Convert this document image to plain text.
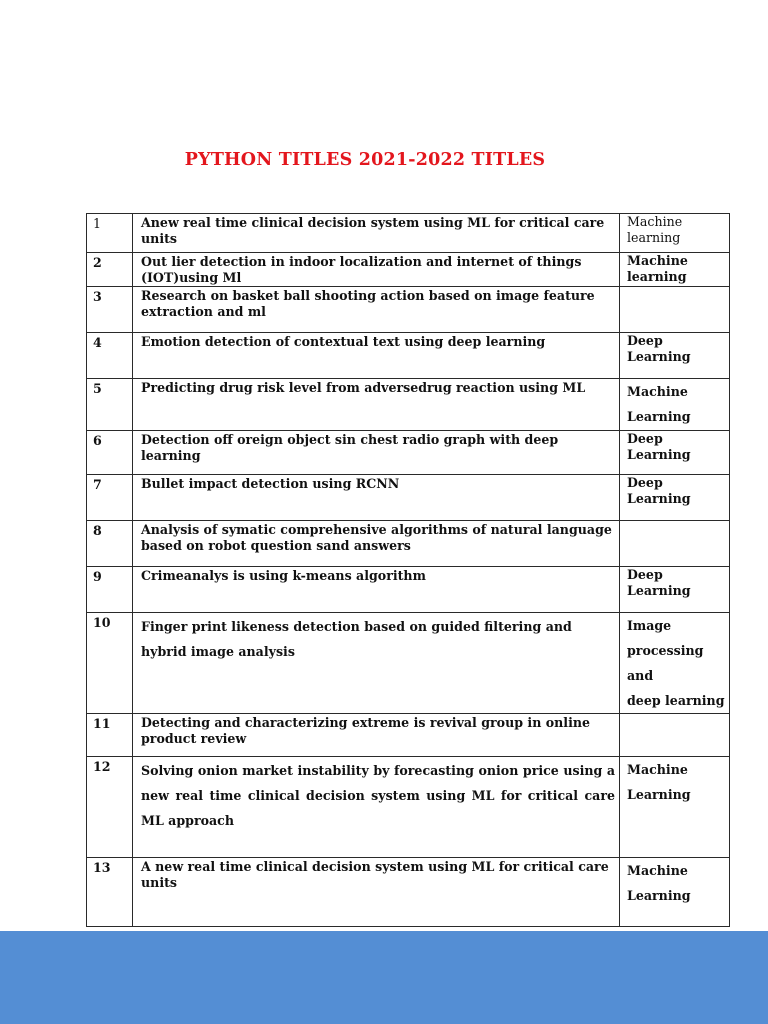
PYTHON TITLES 2021-2022 TITLES
1	Anew real time clinical decision system using ML for critical care units	Machine
learning

2	Out lier detection in indoor localization and internet of things (IOT)using Ml	Machine
learning

3	Research on basket ball shooting action based on image feature extraction and ml	
4	Emotion detection of contextual text using deep learning	Deep Learning

5	Predicting drug risk level from adversedrug reaction using ML	Machine
Learning

6	Detection off oreign object sin chest radio graph with deep learning	Deep Learning

7	Bullet impact detection using RCNN	Deep Learning

8	Analysis of symatic comprehensive algorithms of natural language based on robot question sand answers	
9	Crimeanalys is using k-means algorithm	Deep Learning

10	Finger print likeness detection based on guided filtering and hybrid image analysis	Image
processing and
deep learning

11	Detecting and characterizing extreme is revival group in online product review	
12	Solving onion market instability by forecasting onion price using a new real time clinical decision system using ML for critical care ML approach	Machine
Learning

13	A new real time clinical decision system using ML for critical care units	Machine
Learning
